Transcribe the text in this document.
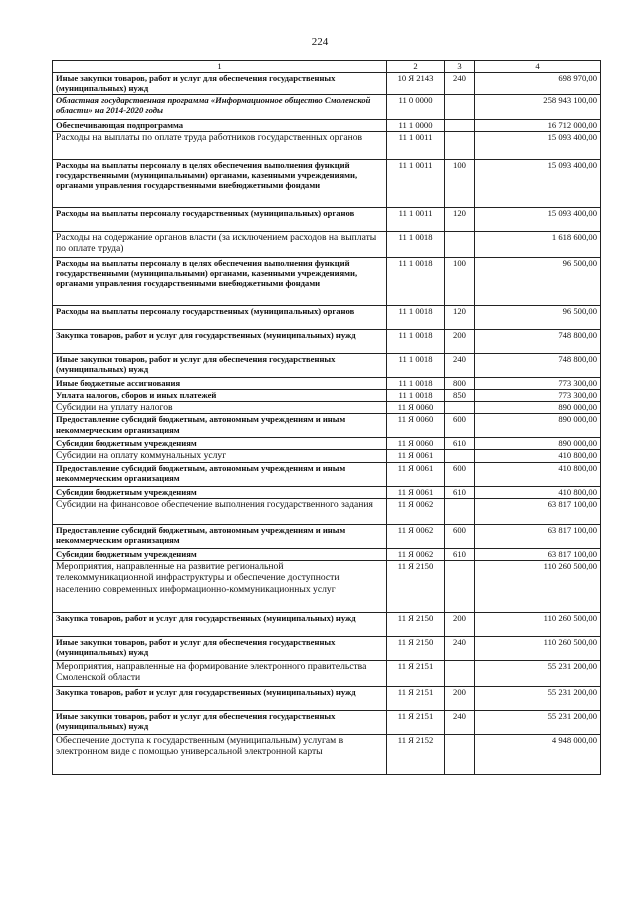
224
1	2	3	4
Иные закупки товаров, работ и услуг для обеспечения государственных (муниципальных) нужд	10 Я 2143	240	698 970,00
Областная государственная программа «Информационное общество Смоленской области» на 2014-2020 годы	11 0 0000		258 943 100,00
Обеспечивающая подпрограмма	11 1 0000		16 712 000,00
Расходы на выплаты по оплате труда работников государственных органов	11 1 0011		15 093 400,00
Расходы на выплаты персоналу в целях обеспечения выполнения функций государственными (муниципальными) органами, казенными учреждениями, органами управления государственными внебюджетными фондами	11 1 0011	100	15 093 400,00
Расходы на выплаты персоналу государственных (муниципальных) органов	11 1 0011	120	15 093 400,00
Расходы на содержание органов власти (за исключением расходов на выплаты по оплате труда)	11 1 0018		1 618 600,00
Расходы на выплаты персоналу в целях обеспечения выполнения функций государственными (муниципальными) органами, казенными учреждениями, органами управления государственными внебюджетными фондами	11 1 0018	100	96 500,00
Расходы на выплаты персоналу государственных (муниципальных) органов	11 1 0018	120	96 500,00
Закупка товаров, работ и услуг для государственных (муниципальных) нужд	11 1 0018	200	748 800,00
Иные закупки товаров, работ и услуг для обеспечения государственных (муниципальных) нужд	11 1 0018	240	748 800,00
Иные бюджетные ассигнования	11 1 0018	800	773 300,00
Уплата налогов, сборов и иных платежей	11 1 0018	850	773 300,00
Субсидии на уплату налогов	11 Я 0060		890 000,00
Предоставление субсидий бюджетным, автономным учреждениям и иным некоммерческим организациям	11 Я 0060	600	890 000,00
Субсидии бюджетным учреждениям	11 Я 0060	610	890 000,00
Субсидии на оплату коммунальных услуг	11 Я 0061		410 800,00
Предоставление субсидий бюджетным, автономным учреждениям и иным некоммерческим организациям	11 Я 0061	600	410 800,00
Субсидии бюджетным учреждениям	11 Я 0061	610	410 800,00
Субсидии на финансовое обеспечение выполнения государственного задания	11 Я 0062		63 817 100,00
Предоставление субсидий бюджетным, автономным учреждениям и иным некоммерческим организациям	11 Я 0062	600	63 817 100,00
Субсидии бюджетным учреждениям	11 Я 0062	610	63 817 100,00
Мероприятия, направленные на развитие региональной телекоммуникационной инфраструктуры и обеспечение доступности населению современных информационно-коммуникационных услуг	11 Я 2150		110 260 500,00
Закупка товаров, работ и услуг для государственных (муниципальных) нужд	11 Я 2150	200	110 260 500,00
Иные закупки товаров, работ и услуг для обеспечения государственных (муниципальных) нужд	11 Я 2150	240	110 260 500,00
Мероприятия, направленные на формирование электронного правительства Смоленской области	11 Я 2151		55 231 200,00
Закупка товаров, работ и услуг для государственных (муниципальных) нужд	11 Я 2151	200	55 231 200,00
Иные закупки товаров, работ и услуг для обеспечения государственных (муниципальных) нужд	11 Я 2151	240	55 231 200,00
Обеспечение доступа к государственным (муниципальным) услугам в электронном виде с помощью универсальной электронной карты	11 Я 2152		4 948 000,00
